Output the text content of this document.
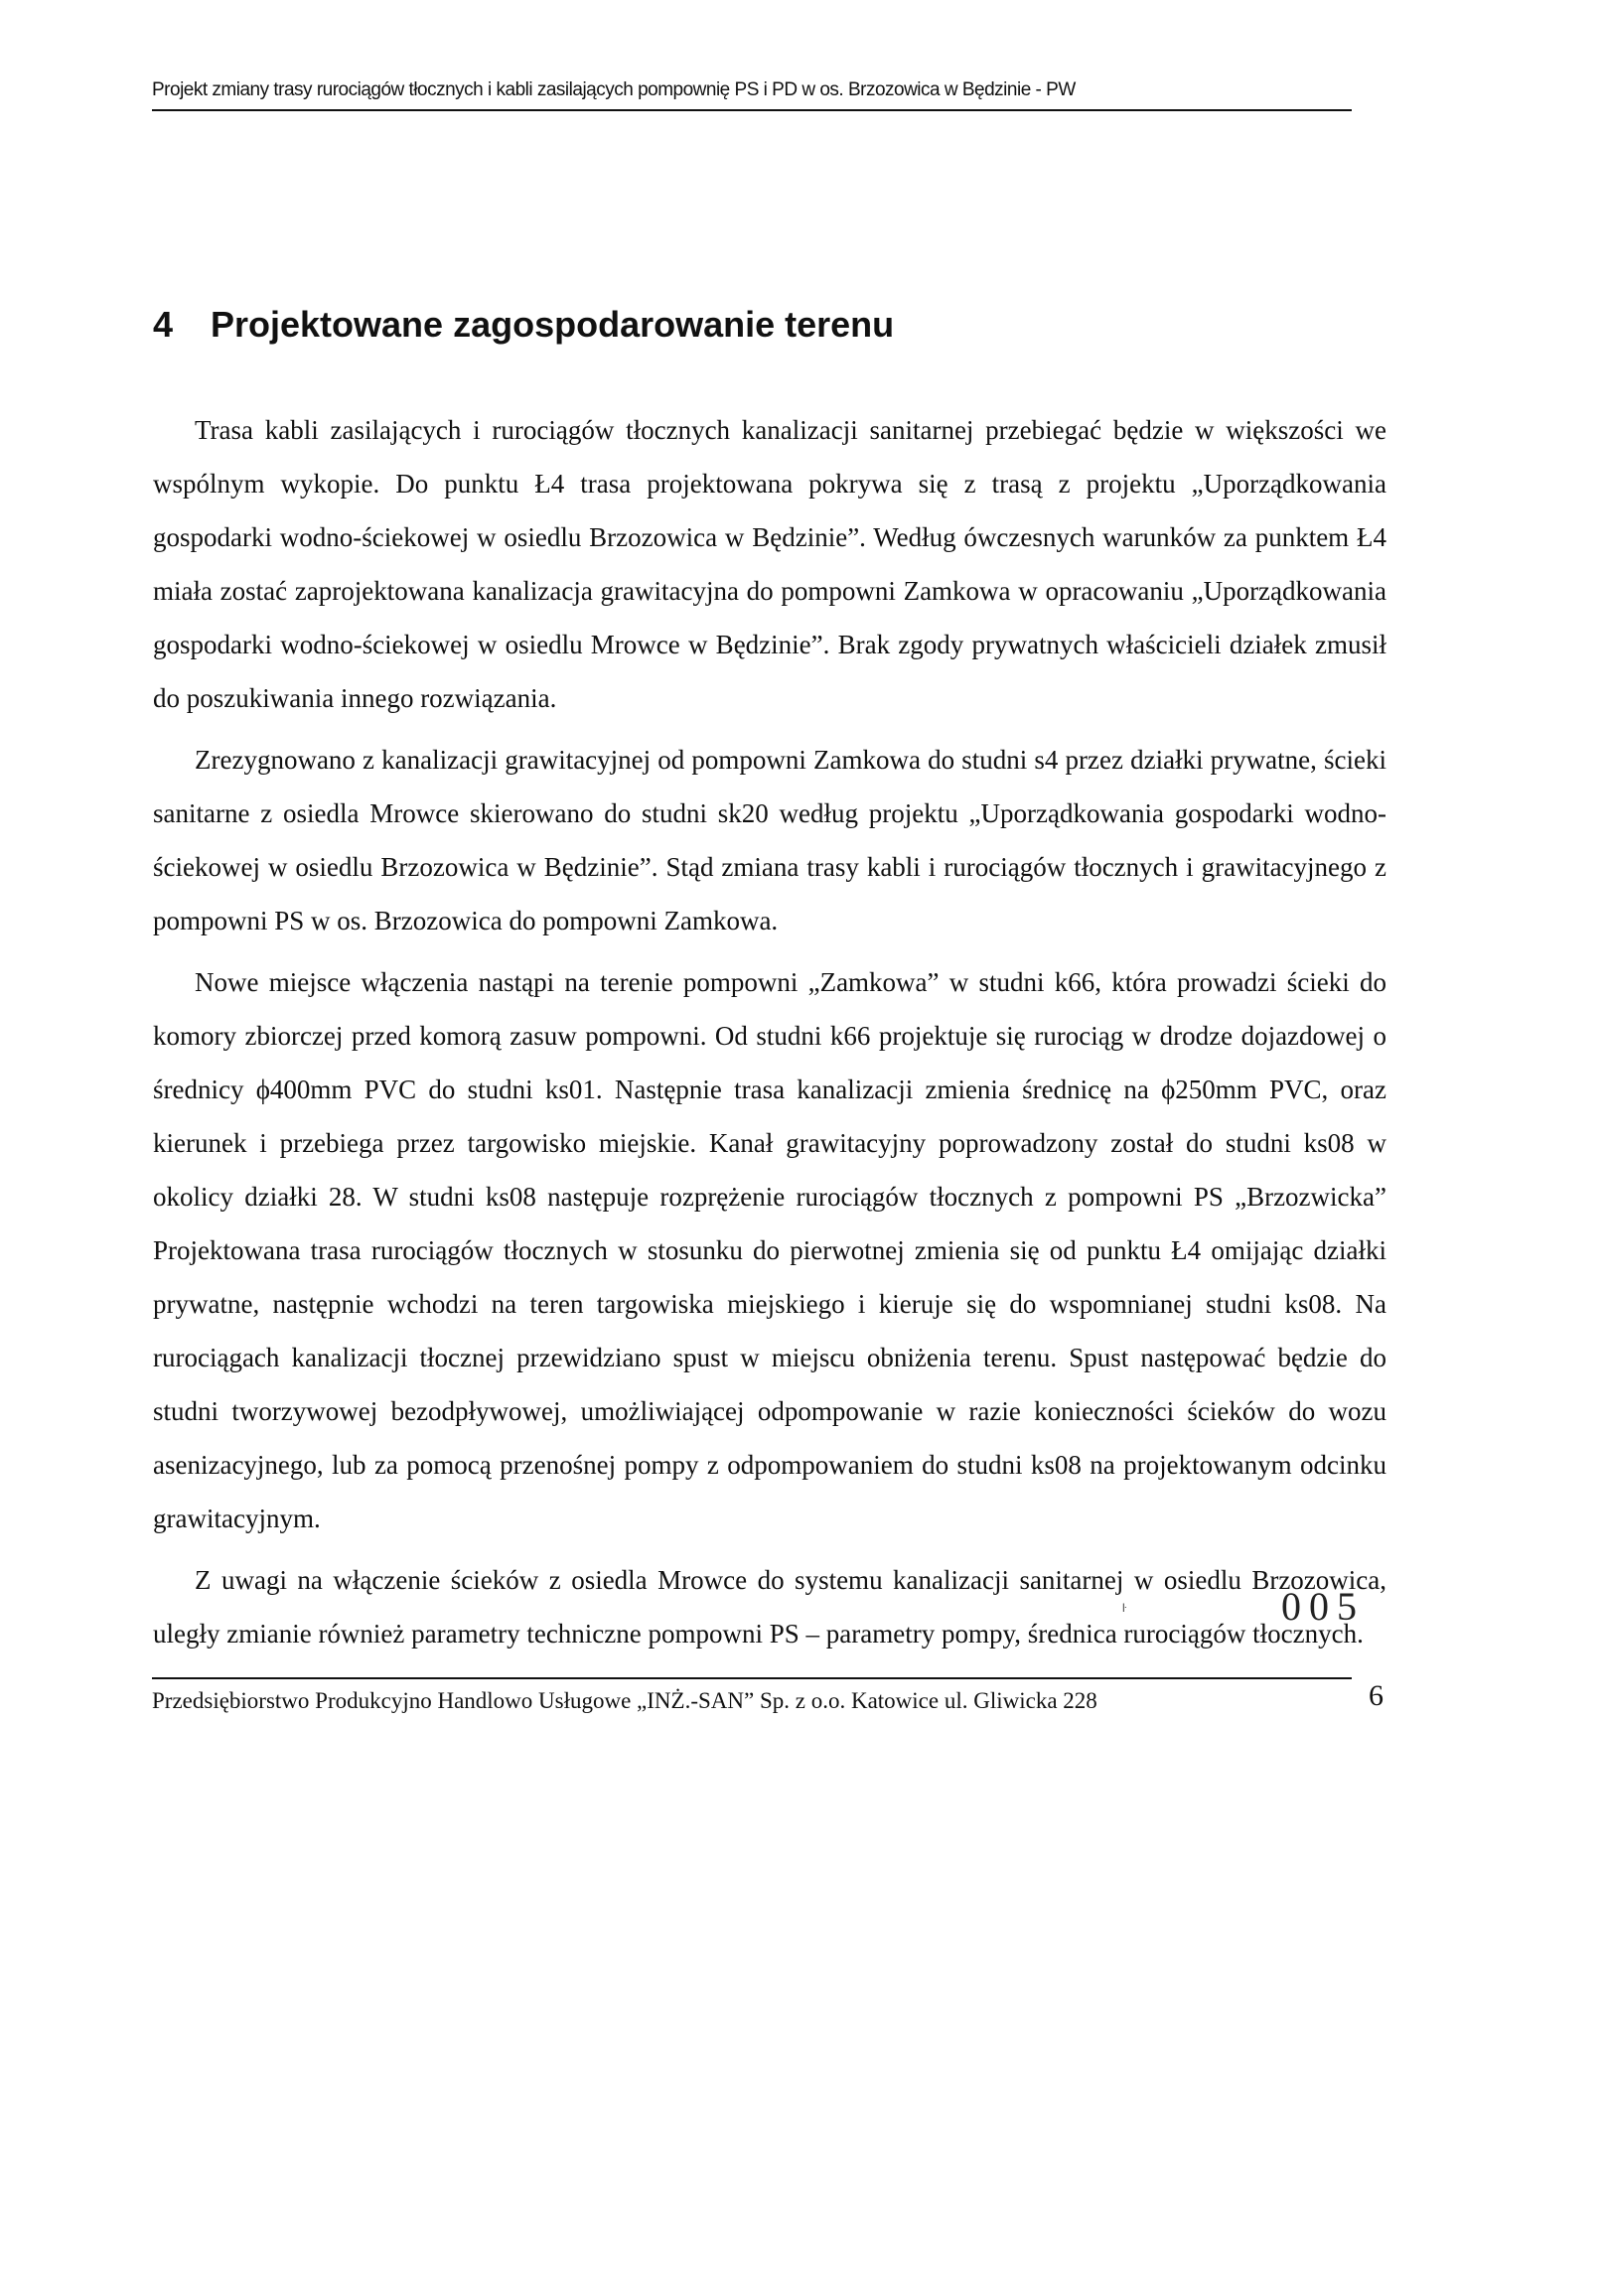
Projekt zmiany trasy rurociągów tłocznych i kabli zasilających pompownię PS i PD w os. Brzozowica w Będzinie - PW
4 Projektowane zagospodarowanie terenu

Trasa kabli zasilających i rurociągów tłocznych kanalizacji sanitarnej przebiegać będzie w większości we wspólnym wykopie. Do punktu Ł4 trasa projektowana pokrywa się z trasą z projektu „Uporządkowania gospodarki wodno-ściekowej w osiedlu Brzozowica w Będzinie”. Według ówczesnych warunków za punktem Ł4 miała zostać zaprojektowana kanalizacja grawitacyjna do pompowni Zamkowa w opracowaniu „Uporządkowania gospodarki wodno-ściekowej w osiedlu Mrowce w Będzinie”. Brak zgody prywatnych właścicieli działek zmusił do poszukiwania innego rozwiązania.

Zrezygnowano z kanalizacji grawitacyjnej od pompowni Zamkowa do studni s4 przez działki prywatne, ścieki sanitarne z osiedla Mrowce skierowano do studni sk20 według projektu „Uporządkowania gospodarki wodno-ściekowej w osiedlu Brzozowica w Będzinie”. Stąd zmiana trasy kabli i rurociągów tłocznych i grawitacyjnego z pompowni PS w os. Brzozowica do pompowni Zamkowa.

Nowe miejsce włączenia nastąpi na terenie pompowni „Zamkowa” w studni k66, która prowadzi ścieki do komory zbiorczej przed komorą zasuw pompowni. Od studni k66 projektuje się rurociąg w drodze dojazdowej o średnicy ϕ400mm PVC do studni ks01. Następnie trasa kanalizacji zmienia średnicę na ϕ250mm PVC, oraz kierunek i przebiega przez targowisko miejskie. Kanał grawitacyjny poprowadzony został do studni ks08 w okolicy działki 28. W studni ks08 następuje rozprężenie rurociągów tłocznych z pompowni PS „Brzozwicka” Projektowana trasa rurociągów tłocznych w stosunku do pierwotnej zmienia się od punktu Ł4 omijając działki prywatne, następnie wchodzi na teren targowiska miejskiego i kieruje się do wspomnianej studni ks08. Na rurociągach kanalizacji tłocznej przewidziano spust w miejscu obniżenia terenu. Spust następować będzie do studni tworzywowej bezodpływowej, umożliwiającej odpompowanie w razie konieczności ścieków do wozu asenizacyjnego, lub za pomocą przenośnej pompy z odpompowaniem do studni ks08 na projektowanym odcinku grawitacyjnym.

Z uwagi na włączenie ścieków z osiedla Mrowce do systemu kanalizacji sanitarnej w osiedlu Brzozowica, uległy zmianie również parametry techniczne pompowni PS – parametry pompy, średnica rurociągów tłocznych.

ŀ	005
Przedsiębiorstwo Produkcyjno Handlowo Usługowe „INŻ.-SAN” Sp. z o.o. Katowice ul. Gliwicka 228	6
